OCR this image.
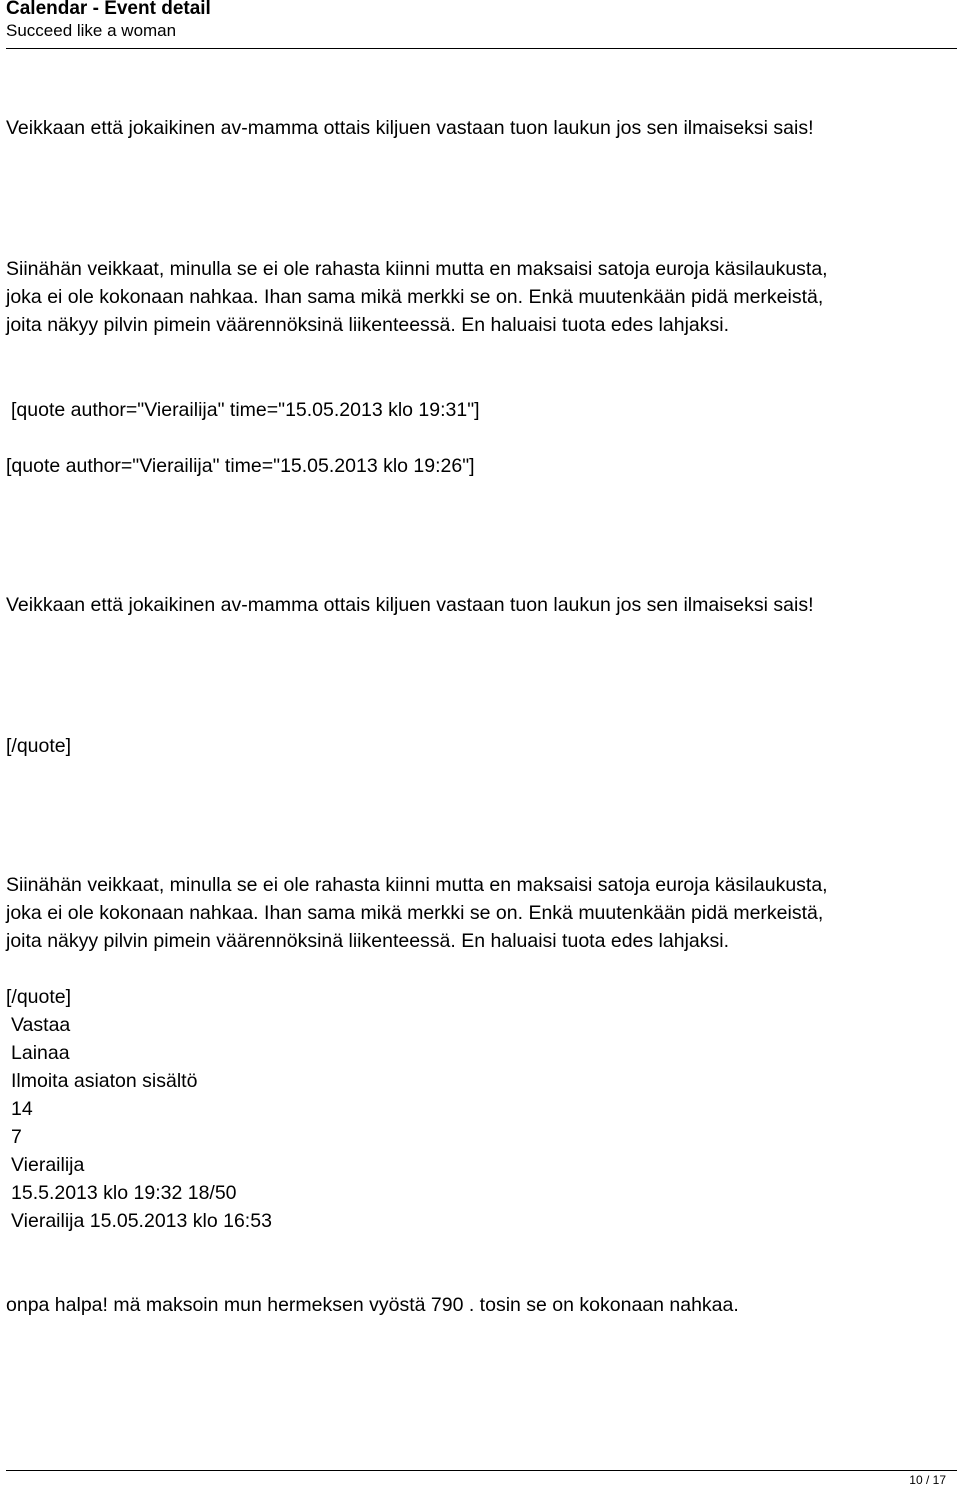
Calendar - Event detail
Succeed like a woman
Veikkaan että jokaikinen av-mamma ottais kiljuen vastaan tuon laukun jos sen ilmaiseksi sais!
Siinähän veikkaat, minulla se ei ole rahasta kiinni mutta en maksaisi satoja euroja käsilaukusta,
joka ei ole kokonaan nahkaa. Ihan sama mikä merkki se on. Enkä muutenkään pidä merkeistä,
joita näkyy pilvin pimein väärennöksinä liikenteessä. En haluaisi tuota edes lahjaksi.
[quote author="Vierailija" time="15.05.2013 klo 19:31"]
[quote author="Vierailija" time="15.05.2013 klo 19:26"]
Veikkaan että jokaikinen av-mamma ottais kiljuen vastaan tuon laukun jos sen ilmaiseksi sais!
[/quote]
Siinähän veikkaat, minulla se ei ole rahasta kiinni mutta en maksaisi satoja euroja käsilaukusta,
joka ei ole kokonaan nahkaa. Ihan sama mikä merkki se on. Enkä muutenkään pidä merkeistä,
joita näkyy pilvin pimein väärennöksinä liikenteessä. En haluaisi tuota edes lahjaksi.
[/quote]
Vastaa
Lainaa
Ilmoita asiaton sisältö
14
7
Vierailija
15.5.2013 klo 19:32 18/50
Vierailija 15.05.2013 klo 16:53
onpa halpa! mä maksoin mun hermeksen vyöstä 790 . tosin se on kokonaan nahkaa.
10 / 17
